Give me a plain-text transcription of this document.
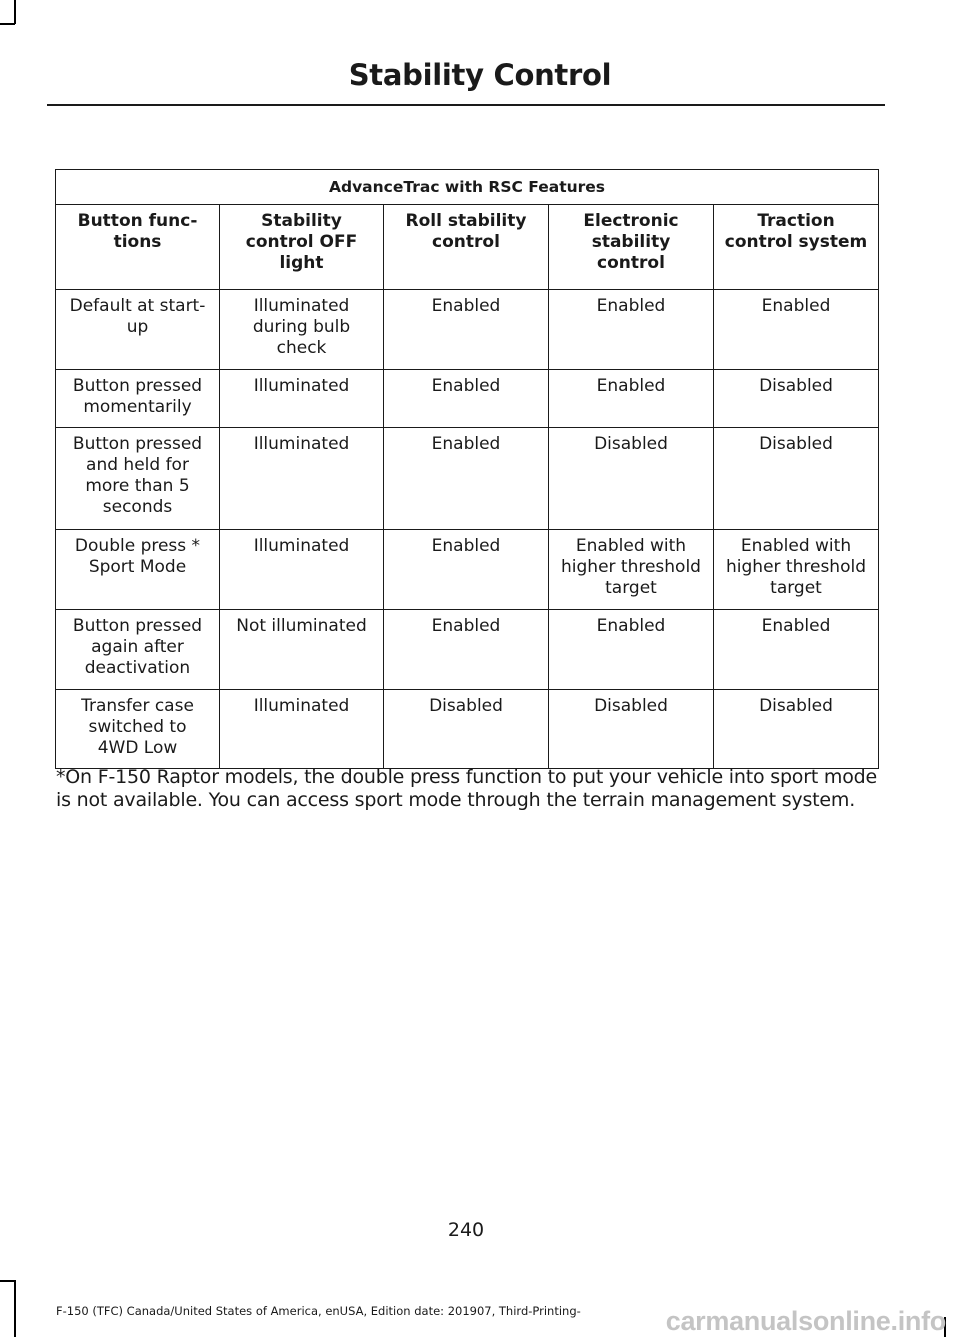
Stability Control
AdvanceTrac with RSC Features				
Button func-
tions	Stability
control OFF
light	Roll stability
control	Electronic
stability
control	Traction
control system
Default at start-
up	Illuminated
during bulb
check	Enabled	Enabled	Enabled
Button pressed
momentarily	Illuminated	Enabled	Enabled	Disabled
Button pressed
and held for
more than 5
seconds	Illuminated	Enabled	Disabled	Disabled
Double press *
Sport Mode	Illuminated	Enabled	Enabled with
higher threshold
target	Enabled with
higher threshold
target
Button pressed
again after
deactivation	Not illuminated	Enabled	Enabled	Enabled
Transfer case
switched to
4WD Low	Illuminated	Disabled	Disabled	Disabled
*On F-150 Raptor models, the double press function to put your vehicle into sport mode is not available. You can access sport mode through the terrain management system.
240
F-150 (TFC) Canada/United States of America, enUSA, Edition date: 201907, Third-Printing-	carmanualsonline.info
